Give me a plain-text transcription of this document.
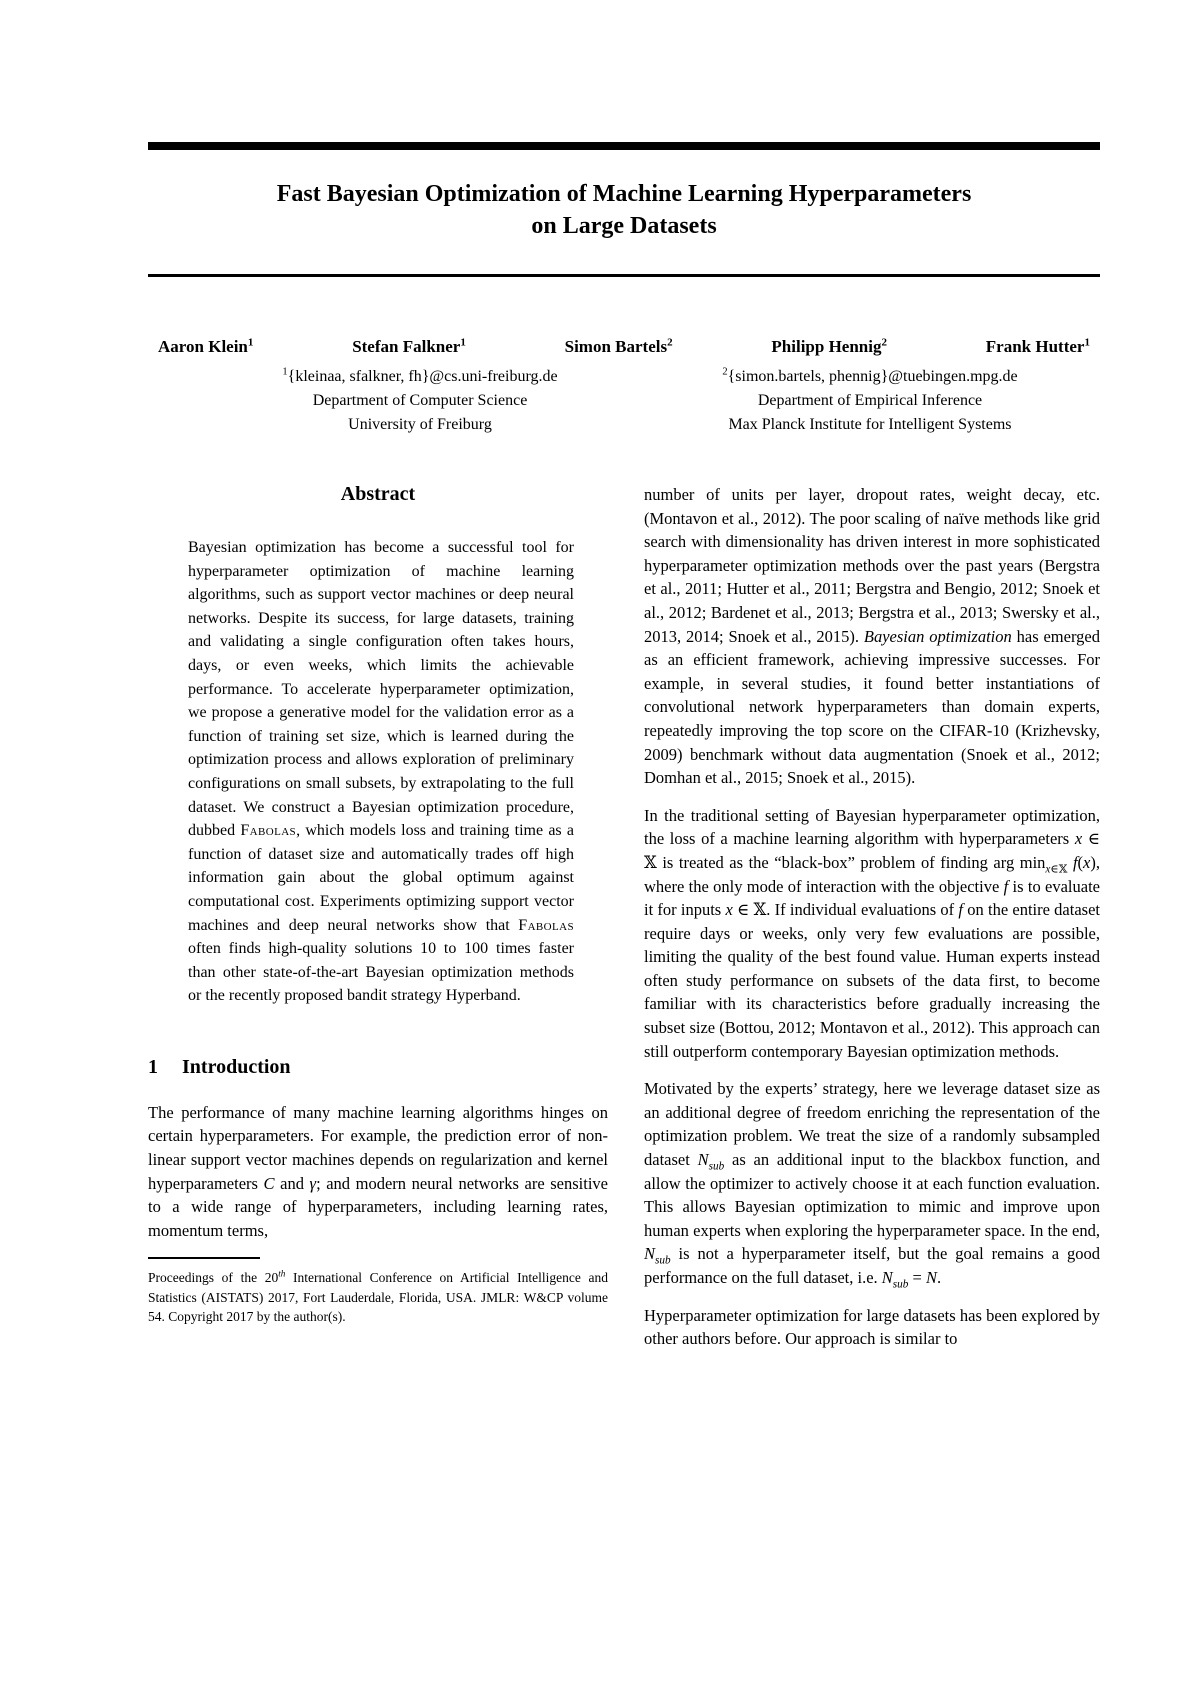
Fast Bayesian Optimization of Machine Learning Hyperparameters
on Large Datasets
Aaron Klein$^1$	Stefan Falkner$^1$	Simon Bartels$^2$	Philipp Hennig$^2$	Frank Hutter$^1$
$^1${kleinaa, sfalkner, fh}@cs.uni-freiburg.de
Department of Computer Science
University of Freiburg
$^2${simon.bartels, phennig}@tuebingen.mpg.de
Department of Empirical Inference
Max Planck Institute for Intelligent Systems
Abstract
Bayesian optimization has become a successful tool for hyperparameter optimization of machine learning algorithms, such as support vector machines or deep neural networks. Despite its success, for large datasets, training and validating a single configuration often takes hours, days, or even weeks, which limits the achievable performance. To accelerate hyperparameter optimization, we propose a generative model for the validation error as a function of training set size, which is learned during the optimization process and allows exploration of preliminary configurations on small subsets, by extrapolating to the full dataset. We construct a Bayesian optimization procedure, dubbed Fabolas, which models loss and training time as a function of dataset size and automatically trades off high information gain about the global optimum against computational cost. Experiments optimizing support vector machines and deep neural networks show that Fabolas often finds high-quality solutions 10 to 100 times faster than other state-of-the-art Bayesian optimization methods or the recently proposed bandit strategy Hyperband.
1 Introduction
The performance of many machine learning algorithms hinges on certain hyperparameters. For example, the prediction error of non-linear support vector machines depends on regularization and kernel hyperparameters C and γ; and modern neural networks are sensitive to a wide range of hyperparameters, including learning rates, momentum terms,
Proceedings of the 20th International Conference on Artificial Intelligence and Statistics (AISTATS) 2017, Fort Lauderdale, Florida, USA. JMLR: W&CP volume 54. Copyright 2017 by the author(s).
number of units per layer, dropout rates, weight decay, etc. (Montavon et al., 2012). The poor scaling of naïve methods like grid search with dimensionality has driven interest in more sophisticated hyperparameter optimization methods over the past years (Bergstra et al., 2011; Hutter et al., 2011; Bergstra and Bengio, 2012; Snoek et al., 2012; Bardenet et al., 2013; Bergstra et al., 2013; Swersky et al., 2013, 2014; Snoek et al., 2015). Bayesian optimization has emerged as an efficient framework, achieving impressive successes. For example, in several studies, it found better instantiations of convolutional network hyperparameters than domain experts, repeatedly improving the top score on the CIFAR-10 (Krizhevsky, 2009) benchmark without data augmentation (Snoek et al., 2012; Domhan et al., 2015; Snoek et al., 2015).
In the traditional setting of Bayesian hyperparameter optimization, the loss of a machine learning algorithm with hyperparameters x ∈ 𝕏 is treated as the “black-box” problem of finding arg $\min_{x\in 𝕏} f(x)$, where the only mode of interaction with the objective f is to evaluate it for inputs x ∈ 𝕏. If individual evaluations of f on the entire dataset require days or weeks, only very few evaluations are possible, limiting the quality of the best found value. Human experts instead often study performance on subsets of the data first, to become familiar with its characteristics before gradually increasing the subset size (Bottou, 2012; Montavon et al., 2012). This approach can still outperform contemporary Bayesian optimization methods.
Motivated by the experts’ strategy, here we leverage dataset size as an additional degree of freedom enriching the representation of the optimization problem. We treat the size of a randomly subsampled dataset $N_{sub}$ as an additional input to the blackbox function, and allow the optimizer to actively choose it at each function evaluation. This allows Bayesian optimization to mimic and improve upon human experts when exploring the hyperparameter space. In the end, $N_{sub}$ is not a hyperparameter itself, but the goal remains a good performance on the full dataset, i.e. $N_{sub} = N$.
Hyperparameter optimization for large datasets has been explored by other authors before. Our approach is similar to
